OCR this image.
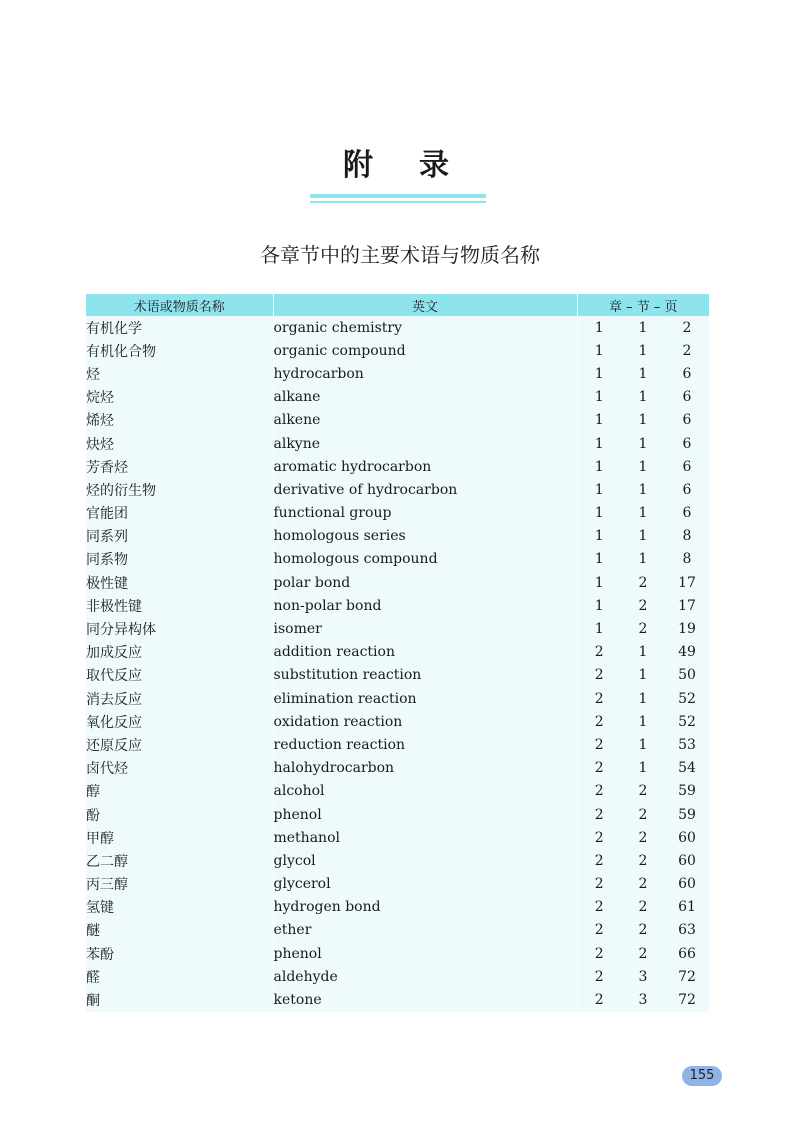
附　录
各章节中的主要术语与物质名称
术语或物质名称	英文	章 – 节 – 页		
有机化学	organic chemistry	1	1	2
有机化合物	organic compound	1	1	2
烃	hydrocarbon	1	1	6
烷烃	alkane	1	1	6
烯烃	alkene	1	1	6
炔烃	alkyne	1	1	6
芳香烃	aromatic hydrocarbon	1	1	6
烃的衍生物	derivative of hydrocarbon	1	1	6
官能团	functional group	1	1	6
同系列	homologous series	1	1	8
同系物	homologous compound	1	1	8
极性键	polar bond	1	2	17
非极性键	non-polar bond	1	2	17
同分异构体	isomer	1	2	19
加成反应	addition reaction	2	1	49
取代反应	substitution reaction	2	1	50
消去反应	elimination reaction	2	1	52
氧化反应	oxidation reaction	2	1	52
还原反应	reduction reaction	2	1	53
卤代烃	halohydrocarbon	2	1	54
醇	alcohol	2	2	59
酚	phenol	2	2	59
甲醇	methanol	2	2	60
乙二醇	glycol	2	2	60
丙三醇	glycerol	2	2	60
氢键	hydrogen bond	2	2	61
醚	ether	2	2	63
苯酚	phenol	2	2	66
醛	aldehyde	2	3	72
酮	ketone	2	3	72
155
